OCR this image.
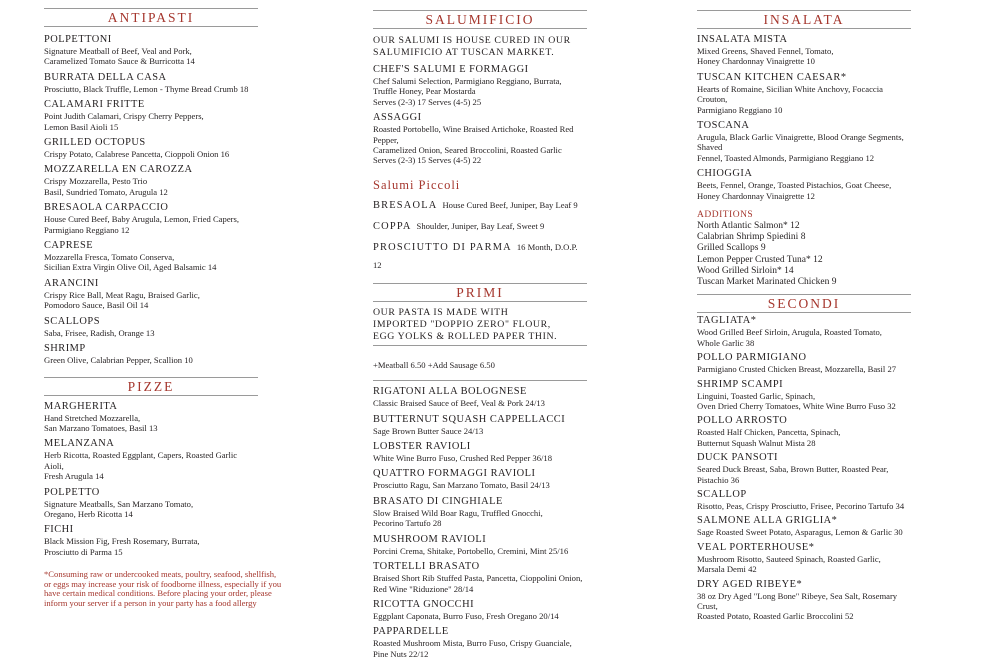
ANTIPASTI
POLPETTONI
Signature Meatball of Beef, Veal and Pork,
Caramelized Tomato Sauce & Burricotta 14
BURRATA DELLA CASA
Prosciutto, Black Truffle, Lemon - Thyme Bread Crumb 18
CALAMARI FRITTE
Point Judith Calamari, Crispy Cherry Peppers,
Lemon Basil Aioli 15
GRILLED OCTOPUS
Crispy Potato, Calabrese Pancetta, Cioppoli Onion 16
MOZZARELLA EN CAROZZA
Crispy Mozzarella, Pesto Trio
Basil, Sundried Tomato, Arugula 12
BRESAOLA CARPACCIO
House Cured Beef, Baby Arugula, Lemon, Fried Capers,
Parmigiano Reggiano 12
CAPRESE
Mozzarella Fresca, Tomato Conserva,
Sicilian Extra Virgin Olive Oil, Aged Balsamic 14
ARANCINI
Crispy Rice Ball, Meat Ragu, Braised Garlic,
Pomodoro Sauce, Basil Oil 14
SCALLOPS
Saba, Frisee, Radish, Orange 13
SHRIMP
Green Olive, Calabrian Pepper, Scallion 10
PIZZE
MARGHERITA
Hand Stretched Mozzarella,
San Marzano Tomatoes, Basil 13
MELANZANA
Herb Ricotta, Roasted Eggplant, Capers, Roasted Garlic Aioli,
Fresh Arugula 14
POLPETTO
Signature Meatballs, San Marzano Tomato,
Oregano, Herb Ricotta 14
FICHI
Black Mission Fig, Fresh Rosemary, Burrata,
Prosciutto di Parma 15
*Consuming raw or undercooked meats, poultry, seafood, shellfish,
or eggs may increase your risk of foodborne illness, especially if you
have certain medical conditions. Before placing your order, please
inform your server if a person in your party has a food allergy
SALUMIFICIO
OUR SALUMI IS HOUSE CURED IN OUR
SALUMIFICIO AT TUSCAN MARKET.
CHEF'S SALUMI E FORMAGGI
Chef Salumi Selection, Parmigiano Reggiano, Burrata,
Truffle Honey, Pear Mostarda
Serves (2-3) 17 Serves (4-5) 25
ASSAGGI
Roasted Portobello, Wine Braised Artichoke, Roasted Red Pepper,
Caramelized Onion, Seared Broccolini, Roasted Garlic
Serves (2-3) 15 Serves (4-5) 22
Salumi Piccoli
BRESAOLA House Cured Beef, Juniper, Bay Leaf 9
COPPA Shoulder, Juniper, Bay Leaf, Sweet 9
PROSCIUTTO DI PARMA 16 Month, D.O.P. 12
PRIMI
OUR PASTA IS MADE WITH
IMPORTED "DOPPIO ZERO" FLOUR,
EGG YOLKS & ROLLED PAPER THIN.
+Meatball 6.50 +Add Sausage 6.50
RIGATONI ALLA BOLOGNESE
Classic Braised Sauce of Beef, Veal & Pork 24/13
BUTTERNUT SQUASH CAPPELLACCI
Sage Brown Butter Sauce 24/13
LOBSTER RAVIOLI
White Wine Burro Fuso, Crushed Red Pepper 36/18
QUATTRO FORMAGGI RAVIOLI
Prosciutto Ragu, San Marzano Tomato, Basil 24/13
BRASATO DI CINGHIALE
Slow Braised Wild Boar Ragu, Truffled Gnocchi,
Pecorino Tartufo 28
MUSHROOM RAVIOLI
Porcini Crema, Shitake, Portobello, Cremini, Mint 25/16
TORTELLI BRASATO
Braised Short Rib Stuffed Pasta, Pancetta, Cioppolini Onion,
Red Wine "Riduzione" 28/14
RICOTTA GNOCCHI
Eggplant Caponata, Burro Fuso, Fresh Oregano 20/14
PAPPARDELLE
Roasted Mushroom Mista, Burro Fuso, Crispy Guanciale,
Pine Nuts 22/12
INSALATA
INSALATA MISTA
Mixed Greens, Shaved Fennel, Tomato,
Honey Chardonnay Vinaigrette 10
TUSCAN KITCHEN CAESAR*
Hearts of Romaine, Sicilian White Anchovy, Focaccia Crouton,
Parmigiano Reggiano 10
TOSCANA
Arugula, Black Garlic Vinaigrette, Blood Orange Segments, Shaved
Fennel, Toasted Almonds, Parmigiano Reggiano 12
CHIOGGIA
Beets, Fennel, Orange, Toasted Pistachios, Goat Cheese,
Honey Chardonnay Vinaigrette 12
ADDITIONS
North Atlantic Salmon* 12
Calabrian Shrimp Spiedini 8
Grilled Scallops 9
Lemon Pepper Crusted Tuna* 12
Wood Grilled Sirloin* 14
Tuscan Market Marinated Chicken 9
SECONDI
TAGLIATA*
Wood Grilled Beef Sirloin, Arugula, Roasted Tomato,
Whole Garlic 38
POLLO PARMIGIANO
Parmigiano Crusted Chicken Breast, Mozzarella, Basil 27
SHRIMP SCAMPI
Linguini, Toasted Garlic, Spinach,
Oven Dried Cherry Tomatoes, White Wine Burro Fuso 32
POLLO ARROSTO
Roasted Half Chicken, Pancetta, Spinach,
Butternut Squash Walnut Mista 28
DUCK PANSOTI
Seared Duck Breast, Saba, Brown Butter, Roasted Pear,
Pistachio 36
SCALLOP
Risotto, Peas, Crispy Prosciutto, Frisee, Pecorino Tartufo 34
SALMONE ALLA GRIGLIA*
Sage Roasted Sweet Potato, Asparagus, Lemon & Garlic 30
VEAL PORTERHOUSE*
Mushroom Risotto, Sauteed Spinach, Roasted Garlic,
Marsala Demi 42
DRY AGED RIBEYE*
38 oz Dry Aged "Long Bone" Ribeye, Sea Salt, Rosemary Crust,
Roasted Potato, Roasted Garlic Broccolini 52
